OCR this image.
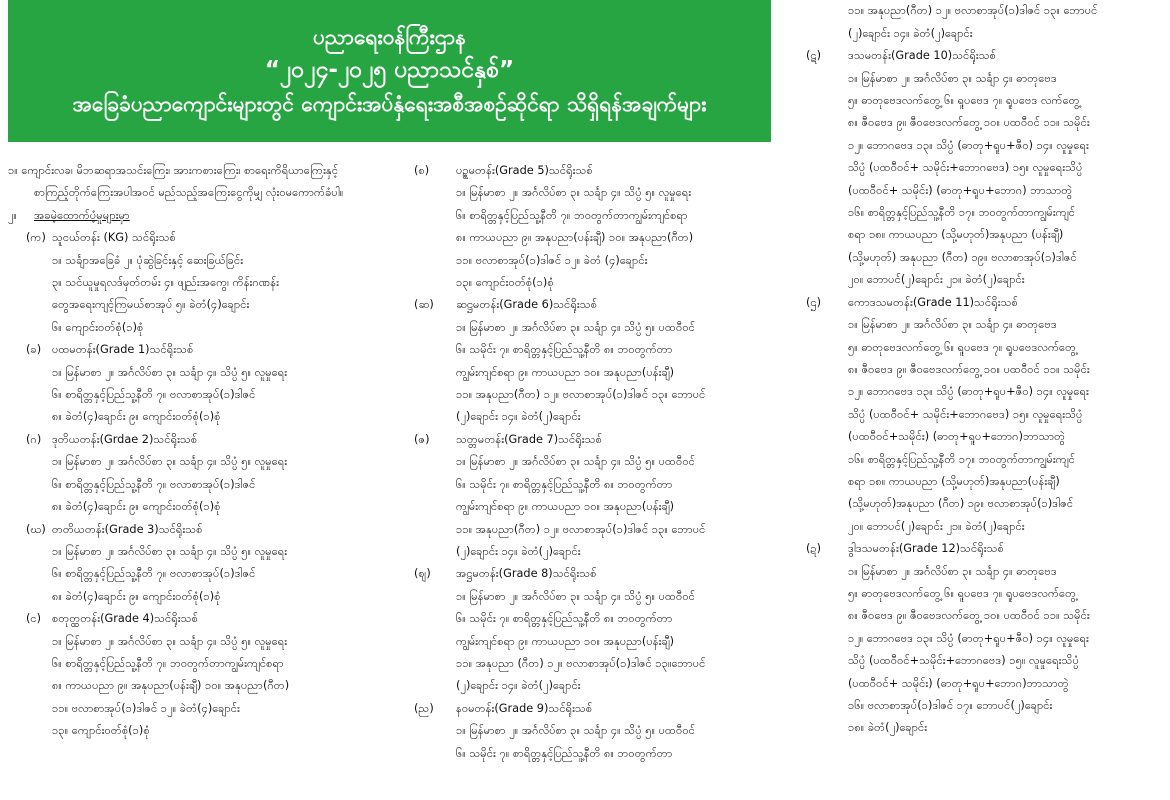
ပညာရေးဝန်ကြီးဌာန
“၂၀၂၄-၂၀၂၅ ပညာသင်နှစ်”
အခြေခံပညာကျောင်းများတွင် ကျောင်းအပ်နှံရေးအစီအစဉ်ဆိုင်ရာ သိရှိရန်အချက်များ
၁။ ကျောင်းလခ၊ မိဘဆရာအသင်းကြေး၊ အားကစားကြေး၊ စာရေးကိရိယာကြေးနှင့် စာကြည့်တိုက်ကြေးအပါအဝင် မည်သည့်အကြေးငွေကိုမျှ လုံးဝမကောက်ခံပါ။
၂။	အခမဲ့ထောက်ပံ့မှုများမှာ
(က) သူငယ်တန်း (KG) သင်ရိုးသစ်
၁။ သင်္ချာအခြေခံ ၂။ ပုံဆွဲခြင်းနှင့် ဆေးခြယ်ခြင်း
၃။ သင်ယူမှုရလဒ်မှတ်တမ်း ၄။ ဖျည်းအကွေ၊ ကိန်းဂဏန်း
တွေအရေးကျင့်ကြမယ်စာအုပ် ၅။ ခဲတံ(၄)ချောင်း
၆။ ကျောင်းဝတ်စုံ(၁)စုံ
(ခ) ပထမတန်း(Grade 1)သင်ရိုးသစ်
၁။ မြန်မာစာ ၂။ အင်္ဂလိပ်စာ ၃။ သင်္ချာ ၄။ သိပ္ပံ ၅။ လူမှုရေး
၆။ စာရိတ္တနှင့်ပြည်သူ့နီတိ ၇။ ဗလာစာအုပ်(၁)ဒါဇင်
၈။ ခဲတံ(၄)ချောင်း ၉။ ကျောင်းဝတ်စုံ(၁)စုံ
(ဂ) ဒုတိယတန်း(Grdae 2)သင်ရိုးသစ်
၁။ မြန်မာစာ ၂။ အင်္ဂလိပ်စာ ၃။ သင်္ချာ ၄။ သိပ္ပံ ၅။ လူမှုရေး
၆။ စာရိတ္တနှင့်ပြည်သူ့နီတိ ၇။ ဗလာစာအုပ်(၁)ဒါဇင်
၈။ ခဲတံ(၄)ချောင်း ၉။ ကျောင်းဝတ်စုံ(၁)စုံ
(ဃ) တတိယတန်း(Grade 3)သင်ရိုးသစ်
၁။ မြန်မာစာ ၂။ အင်္ဂလိပ်စာ ၃။ သင်္ချာ ၄။ သိပ္ပံ ၅။ လူမှုရေး
၆။ စာရိတ္တနှင့်ပြည်သူ့နီတိ ၇။ ဗလာစာအုပ်(၁)ဒါဇင်
၈။ ခဲတံ(၄)ချောင်း ၉။ ကျောင်းဝတ်စုံ(၁)စုံ
(င) စတုတ္ထတန်း(Grade 4)သင်ရိုးသစ်
၁။ မြန်မာစာ ၂။ အင်္ဂလိပ်စာ ၃။ သင်္ချာ ၄။ သိပ္ပံ ၅။ လူမှုရေး
၆။ စာရိတ္တနှင့်ပြည်သူ့နီတိ ၇။ ဘဝတွက်တာကျွမ်းကျင်စရာ
၈။ ကာယပညာ ၉။ အနုပညာ(ပန်းချီ) ၁၀။ အနုပညာ(ဂီတ)
၁၁။ ဗလာစာအုပ်(၁)ဒါဇင် ၁၂။ ခဲတံ(၄)ချောင်း
၁၃။ ကျောင်းဝတ်စုံ(၁)စုံ
(စ)	ပဉ္စမတန်း(Grade 5)သင်ရိုးသစ်
၁။ မြန်မာစာ ၂။ အင်္ဂလိပ်စာ ၃။ သင်္ချာ ၄။ သိပ္ပံ ၅။ လူမှုရေး
၆။ စာရိတ္တနှင့်ပြည်သူ့နီတိ ၇။ ဘဝတွက်တာကျွမ်းကျင်စရာ
၈။ ကာယပညာ ၉။ အနုပညာ(ပန်းချီ) ၁၀။ အနုပညာ(ဂီတ)
၁၁။ ဗလာစာအုပ်(၁)ဒါဇင် ၁၂။ ခဲတံ (၄)ချောင်း
၁၃။ ကျောင်းဝတ်စုံ(၁)စုံ
(ဆ)	ဆဋ္ဌမတန်း(Grade 6)သင်ရိုးသစ်
၁။ မြန်မာစာ ၂။ အင်္ဂလိပ်စာ ၃။ သင်္ချာ ၄။ သိပ္ပံ ၅။ ပထဝီဝင်
၆။ သမိုင်း ၇။ စာရိတ္တနှင့်ပြည်သူ့နီတိ ၈။ ဘဝတွက်တာ
ကျွမ်းကျင်စရာ ၉။ ကာယပညာ ၁၀။ အနုပညာ(ပန်းချီ)
၁၁။ အနုပညာ(ဂီတ) ၁၂။ ဗလာစာအုပ်(၁)ဒါဇင် ၁၃။ ဘောပင်
(၂)ချောင်း ၁၄။ ခဲတံ(၂)ချောင်း
(ဇ)	သတ္တမတန်း(Grade 7)သင်ရိုးသစ်
၁။ မြန်မာစာ ၂။ အင်္ဂလိပ်စာ ၃။ သင်္ချာ ၄။ သိပ္ပံ ၅။ ပထဝီဝင်
၆။ သမိုင်း ၇။ စာရိတ္တနှင့်ပြည်သူ့နီတိ ၈။ ဘဝတွက်တာ
ကျွမ်းကျင်စရာ ၉။ ကာယပညာ ၁၀။ အနုပညာ(ပန်းချီ)
၁၁။ အနုပညာ(ဂီတ) ၁၂။ ဗလာစာအုပ်(၁)ဒါဇင် ၁၃။ ဘောပင်
(၂)ချောင်း ၁၄။ ခဲတံ(၂)ချောင်း
(ဈ)	အဋ္ဌမတန်း(Grade 8)သင်ရိုးသစ်
၁။ မြန်မာစာ ၂။ အင်္ဂလိပ်စာ ၃။ သင်္ချာ ၄။ သိပ္ပံ ၅။ ပထဝီဝင်
၆။ သမိုင်း ၇။ စာရိတ္တနှင့်ပြည်သူ့နီတိ ၈။ ဘဝတွက်တာ
ကျွမ်းကျင်စရာ ၉။ ကာယပညာ ၁၀။ အနုပညာ(ပန်းချီ)
၁၁။ အနုပညာ (ဂီတ) ၁၂။ ဗလာစာအုပ်(၁)ဒါဇင် ၁၃။ဘောပင်
(၂)ချောင်း ၁၄။ ခဲတံ(၂)ချောင်း
(ည)	နဝမတန်း(Grade 9)သင်ရိုးသစ်
၁။ မြန်မာစာ ၂။ အင်္ဂလိပ်စာ ၃။ သင်္ချာ ၄။ သိပ္ပံ ၅။ ပထဝီဝင်
၆။ သမိုင်း ၇။ စာရိတ္တနှင့်ပြည်သူ့နီတိ ၈။ ဘဝတွက်တာ
၁၁။ အနုပညာ(ဂီတ) ၁၂။ ဗလာစာအုပ်(၁)ဒါဇင် ၁၃။ ဘောပင်
(၂)ချောင်း ၁၄။ ခဲတံ(၂)ချောင်း
(ဋ)	ဒသမတန်း(Grade 10)သင်ရိုးသစ်
၁။ မြန်မာစာ ၂။ အင်္ဂလိပ်စာ ၃။ သင်္ချာ ၄။ ဓာတုဗေဒ
၅။ ဓာတုဗေဒလက်တွေ့ ၆။ ရူပဗေဒ ၇။ ရူပဗေဒ လက်တွေ့
၈။ ဇီဝဗေဒ ၉။ ဇီဝဗေဒလက်တွေ့ ၁၀။ ပထဝီဝင် ၁၁။ သမိုင်း
၁၂။ ဘောဂဗေဒ ၁၃။ သိပ္ပံ (ဓာတု+ရူပ+ဇီဝ) ၁၄။ လူမှုရေး
သိပ္ပံ (ပထဝီဝင်+ သမိုင်း+ဘောဂဗေဒ) ၁၅။ လူမှုရေးသိပ္ပံ
(ပထဝီဝင်+ သမိုင်း) (ဓာတု+ရူပ+ဘောဂ) ဘာသာတွဲ
၁၆။ စာရိတ္တနှင့်ပြည်သူ့နီတိ ၁၇။ ဘဝတွက်တာကျွမ်းကျင်
စရာ ၁၈။ ကာယပညာ (သို့မဟုတ်)အနုပညာ (ပန်းချီ)
(သို့မဟုတ်) အနုပညာ (ဂီတ) ၁၉။ ဗလာစာအုပ်(၁)ဒါဇင်
၂၀။ ဘောပင်(၂)ချောင်း ၂၁။ ခဲတံ(၂)ချောင်း
(ဌ)	ကောဒသမတန်း(Grade 11)သင်ရိုးသစ်
၁။ မြန်မာစာ ၂။ အင်္ဂလိပ်စာ ၃။ သင်္ချာ ၄။ ဓာတုဗေဒ
၅။ ဓာတုဗေဒလက်တွေ့ ၆။ ရူပဗေဒ ၇။ ရူပဗေဒလက်တွေ့
၈။ ဇီဝဗေဒ ၉။ ဇီဝဗေဒလက်တွေ့ ၁၀။ ပထဝီဝင် ၁၁။ သမိုင်း
၁၂။ ဘောဂဗေဒ ၁၃။ သိပ္ပံ (ဓာတု+ရူပ+ဇီဝ) ၁၄။ လူမှုရေး
သိပ္ပံ (ပထဝီဝင်+ သမိုင်း+ဘောဂဗေဒ) ၁၅။ လူမှုရေးသိပ္ပံ
(ပထဝီဝင်+သမိုင်း) (ဓာတု+ရူပ+ဘောဂ)ဘာသာတွဲ
၁၆။ စာရိတ္တနှင့်ပြည်သူ့နီတိ ၁၇။ ဘဝတွက်တာကျွမ်းကျင်
စရာ ၁၈။ ကာယပညာ (သို့မဟုတ်)အနုပညာ(ပန်းချီ)
(သို့မဟုတ်)အနုပညာ (ဂီတ) ၁၉။ ဗလာစာအုပ်(၁)ဒါဇင်
၂၀။ ဘောပင်(၂)ချောင်း ၂၁။ ခဲတံ(၂)ချောင်း
(ဍ)	ဒွါဒသမတန်း(Grade 12)သင်ရိုးသစ်
၁။ မြန်မာစာ ၂။ အင်္ဂလိပ်စာ ၃။ သင်္ချာ ၄။ ဓာတုဗေဒ
၅။ ဓာတုဗေဒလက်တွေ့ ၆။ ရူပဗေဒ ၇။ ရူပဗေဒလက်တွေ့
၈။ ဇီဝဗေဒ ၉။ ဇီဝဗေဒလက်တွေ့ ၁၀။ ပထဝီဝင် ၁၁။ သမိုင်း
၁၂။ ဘောဂဗေဒ ၁၃။ သိပ္ပံ (ဓာတု+ရူပ+ဇီဝ) ၁၄။ လူမှုရေး
သိပ္ပံ (ပထဝီဝင်+သမိုင်း+ဘောဂဗေဒ) ၁၅။ လူမှုရေးသိပ္ပံ
(ပထဝီဝင်+ သမိုင်း) (ဓာတု+ရူပ+ဘောဂ)ဘာသာတွဲ
၁၆။ ဗလာစာအုပ်(၁)ဒါဇင် ၁၇။ ဘောပင်(၂)ချောင်း
၁၈။ ခဲတံ(၂)ချောင်း
